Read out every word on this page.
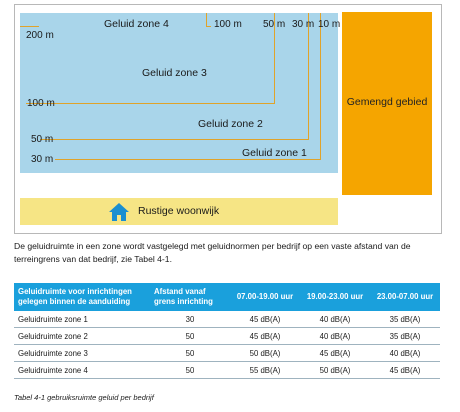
Geluid zone 4
Geluid zone 3
Geluid zone 2
Geluid zone 1
100 m 50 m 30 m 10 m
200 m
100 m
50 m
30 m
Gemengd gebied
Rustige woonwijk
De geluidruimte in een zone wordt vastgelegd met geluidnormen per bedrijf op een vaste afstand van de terreingrens van dat bedrijf, zie Tabel 4-1.
Geluidruimte voor inrichtingen gelegen binnen de aanduiding	Afstand vanaf grens inrichting	07.00-19.00 uur	19.00-23.00 uur	23.00-07.00 uur
Geluidruimte zone 1	30	45 dB(A)	40 dB(A)	35 dB(A)
Geluidruimte zone 2	50	45 dB(A)	40 dB(A)	35 dB(A)
Geluidruimte zone 3	50	50 dB(A)	45 dB(A)	40 dB(A)
Geluidruimte zone 4	50	55 dB(A)	50 dB(A)	45 dB(A)
Tabel 4-1 gebruiksruimte geluid per bedrijf
